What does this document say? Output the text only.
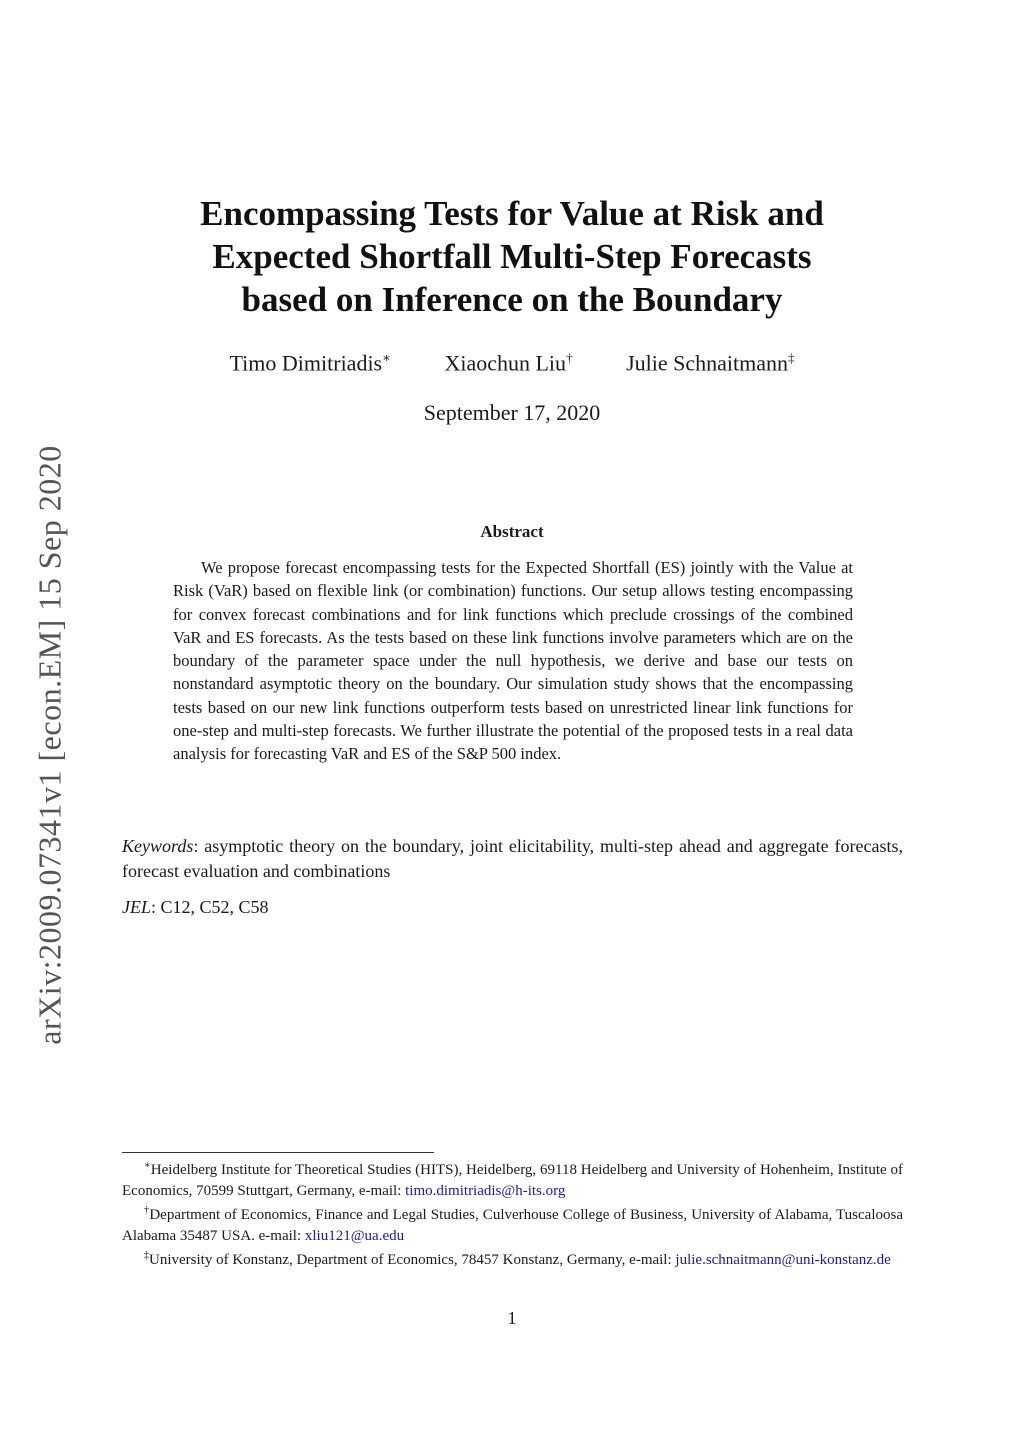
arXiv:2009.07341v1 [econ.EM] 15 Sep 2020
Encompassing Tests for Value at Risk and
Expected Shortfall Multi-Step Forecasts
based on Inference on the Boundary
Timo Dimitriadis∗ Xiaochun Liu† Julie Schnaitmann‡
September 17, 2020
Abstract
We propose forecast encompassing tests for the Expected Shortfall (ES) jointly with the Value at Risk (VaR) based on flexible link (or combination) functions. Our setup allows testing encompassing for convex forecast combinations and for link functions which preclude crossings of the combined VaR and ES forecasts. As the tests based on these link functions involve parameters which are on the boundary of the parameter space under the null hypothesis, we derive and base our tests on nonstandard asymptotic theory on the boundary. Our simulation study shows that the encompassing tests based on our new link functions outperform tests based on unrestricted linear link functions for one-step and multi-step forecasts. We further illustrate the potential of the proposed tests in a real data analysis for forecasting VaR and ES of the S&P 500 index.
Keywords: asymptotic theory on the boundary, joint elicitability, multi-step ahead and aggregate forecasts, forecast evaluation and combinations
JEL: C12, C52, C58

∗Heidelberg Institute for Theoretical Studies (HITS), Heidelberg, 69118 Heidelberg and University of Hohenheim, Institute of Economics, 70599 Stuttgart, Germany, e-mail: timo.dimitriadis@h-its.org

†Department of Economics, Finance and Legal Studies, Culverhouse College of Business, University of Alabama, Tuscaloosa Alabama 35487 USA. e-mail: xliu121@ua.edu

‡University of Konstanz, Department of Economics, 78457 Konstanz, Germany, e-mail: julie.schnaitmann@uni-konstanz.de

1
